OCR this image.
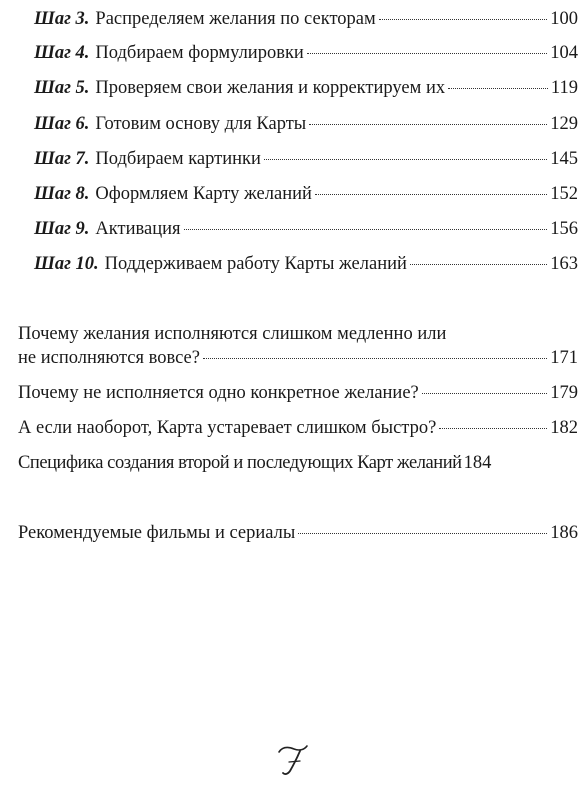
Шаг 3. Распределяем желания по секторам	100
Шаг 4. Подбираем формулировки	104
Шаг 5. Проверяем свои желания и корректируем их	119
Шаг 6. Готовим основу для Карты	129
Шаг 7. Подбираем картинки	145
Шаг 8. Оформляем Карту желаний	152
Шаг 9. Активация	156
Шаг 10. Поддерживаем работу Карты желаний	163
Почему желания исполняются слишком медленно или
не исполняются вовсе?	171
Почему не исполняется одно конкретное желание?	179
А если наоборот, Карта устаревает слишком быстро?	182
Специфика создания второй и последующих Карт желаний 184
Рекомендуемые фильмы и сериалы	186
